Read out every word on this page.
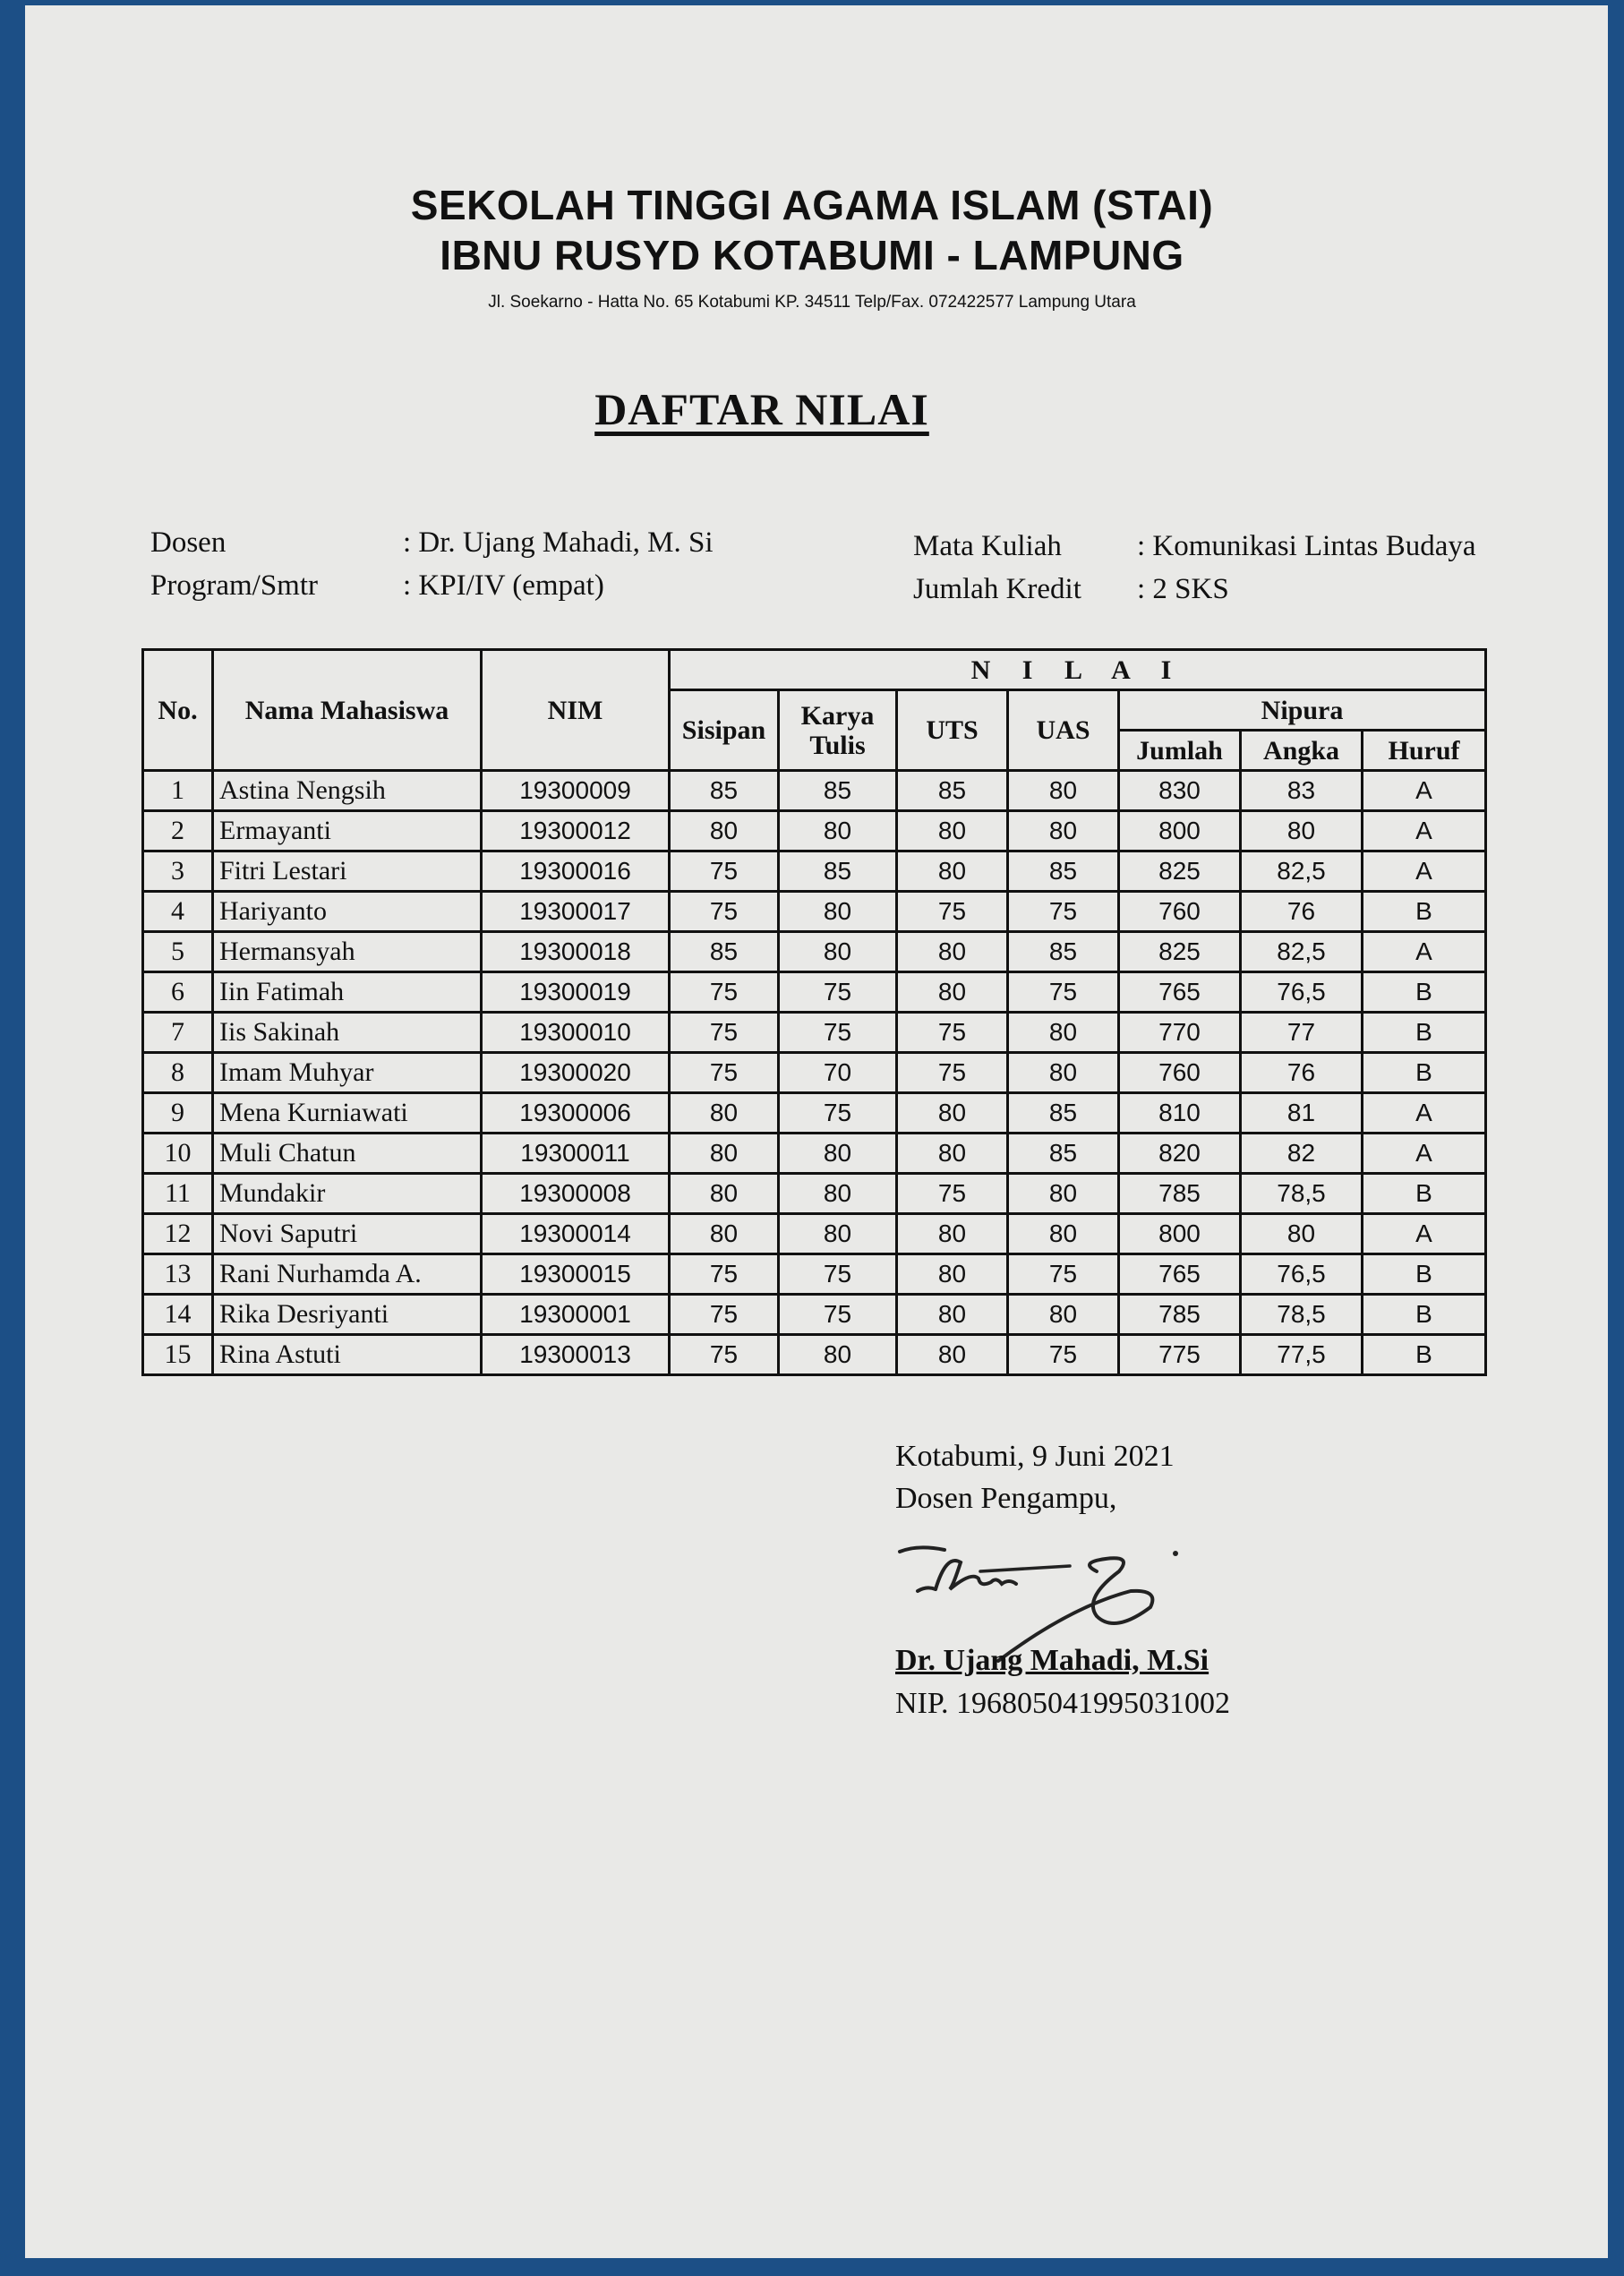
SEKOLAH TINGGI AGAMA ISLAM (STAI)
IBNU RUSYD KOTABUMI - LAMPUNG
Jl. Soekarno - Hatta No. 65 Kotabumi KP. 34511 Telp/Fax. 072422577 Lampung Utara
DAFTAR NILAI
Dosen	: Dr. Ujang Mahadi, M. Si
Program/Smtr	: KPI/IV (empat)
Mata Kuliah	: Komunikasi Lintas Budaya
Jumlah Kredit : 2 SKS
No.	Nama Mahasiswa	NIM	N I L A I						
			Sisipan	Karya Tulis	UTS	UAS	Nipura		
							Jumlah	Angka	Huruf
1	Astina Nengsih	19300009	85	85	85	80	830	83	A
2	Ermayanti	19300012	80	80	80	80	800	80	A
3	Fitri Lestari	19300016	75	85	80	85	825	82,5	A
4	Hariyanto	19300017	75	80	75	75	760	76	B
5	Hermansyah	19300018	85	80	80	85	825	82,5	A
6	Iin Fatimah	19300019	75	75	80	75	765	76,5	B
7	Iis Sakinah	19300010	75	75	75	80	770	77	B
8	Imam Muhyar	19300020	75	70	75	80	760	76	B
9	Mena Kurniawati	19300006	80	75	80	85	810	81	A
10	Muli Chatun	19300011	80	80	80	85	820	82	A
11	Mundakir	19300008	80	80	75	80	785	78,5	B
12	Novi Saputri	19300014	80	80	80	80	800	80	A
13	Rani Nurhamda A.	19300015	75	75	80	75	765	76,5	B
14	Rika Desriyanti	19300001	75	75	80	80	785	78,5	B
15	Rina Astuti	19300013	75	80	80	75	775	77,5	B
Kotabumi, 9 Juni 2021
Dosen Pengampu,
Dr. Ujang Mahadi, M.Si
NIP. 196805041995031002
